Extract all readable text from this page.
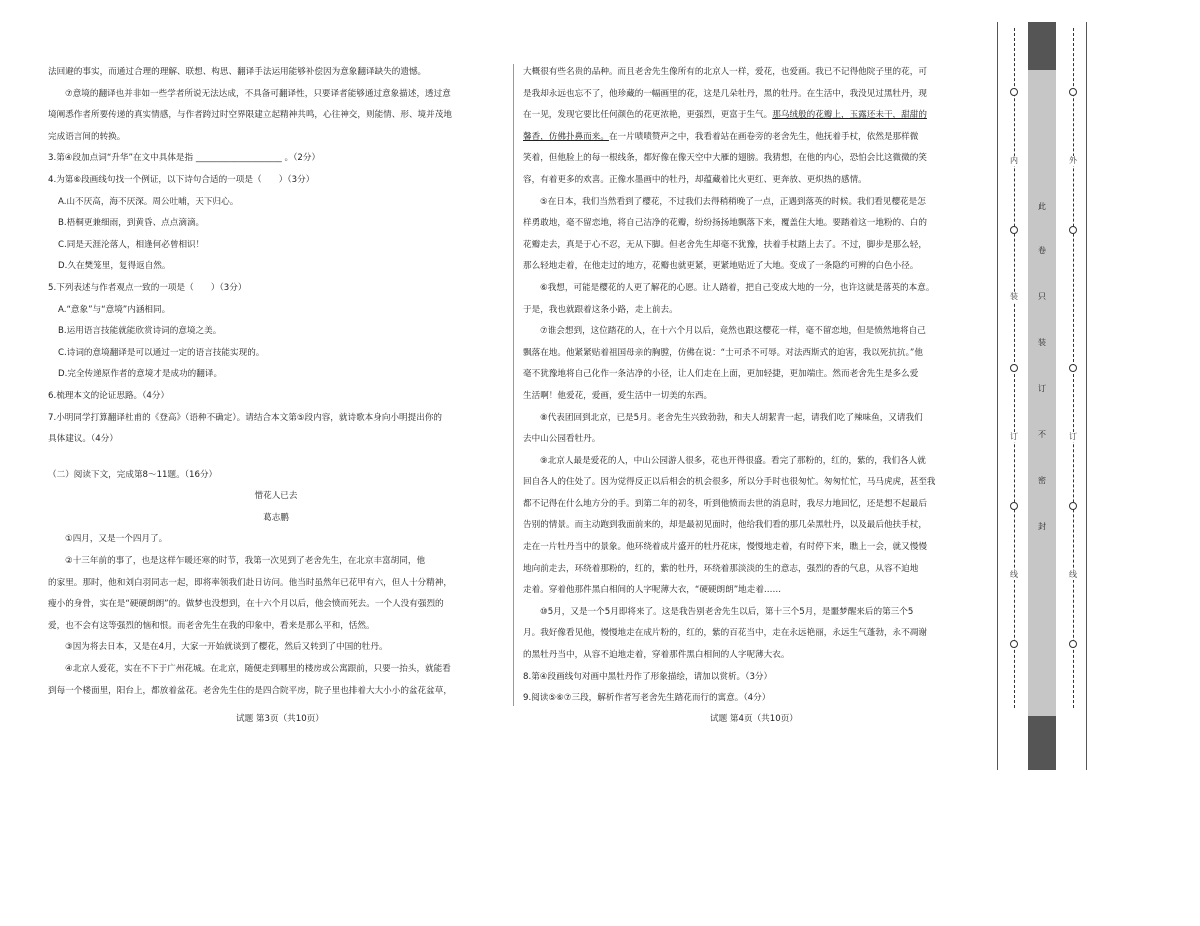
法回避的事实，而通过合理的理解、联想、构思、翻译手法运用能够补偿因为意象翻译缺失的遗憾。

⑦意境的翻译也并非如一些学者所说无法达成，不具备可翻译性，只要译者能够通过意象描述，透过意

境阐悉作者所要传递的真实情感，与作者跨过时空界限建立起精神共鸣，心往神交，则能情、形、境并茂地

完成语言间的转换。

3.第④段加点词“升华”在文中具体是指 ____________________ 。（2分）

4.为第⑥段画线句找一个例证，以下诗句合适的一项是（　　）（3分）

A.山不厌高，海不厌深。周公吐哺，天下归心。

B.梧桐更兼细雨，到黄昏、点点滴滴。

C.同是天涯沦落人，相逢何必曾相识！

D.久在樊笼里，复得返自然。

5.下列表述与作者观点一致的一项是（　　）（3分）

A.“意象”与“意境”内涵相同。

B.运用语言技能就能欣赏诗词的意境之美。

C.诗词的意境翻译是可以通过一定的语言技能实现的。

D.完全传递原作者的意境才是成功的翻译。

6.梳理本文的论证思路。（4分）

7.小明同学打算翻译杜甫的《登高》（语种不确定）。请结合本文第⑤段内容，就诗歌本身向小明提出你的

具体建议。（4分）

（二）阅读下文，完成第8～11题。（16分）

惜花人已去

葛志鹏

①四月，又是一个四月了。

②十三年前的事了，也是这样乍暖还寒的时节，我第一次见到了老舍先生，在北京丰富胡同，他

的家里。那时，他和刘白羽同志一起，即将率领我们赴日访问。他当时虽然年已花甲有六，但人十分精神，

瘦小的身骨，实在是“硬硬朗朗”的。做梦也没想到，在十六个月以后，他会愤而死去。一个人没有强烈的

爱，也不会有这等强烈的恼和恨。而老舍先生在我的印象中，看来是那么平和，恬然。

③因为将去日本，又是在4月，大家一开始就谈到了樱花，然后又转到了中国的牡丹。

④北京人爱花，实在不下于广州花城。在北京，随便走到哪里的楼房或公寓跟前，只要一抬头，就能看

到每一个楼面里，阳台上，都放着盆花。老舍先生住的是四合院平房，院子里也排着大大小小的盆花盆草，

大概很有些名贵的品种。而且老舍先生像所有的北京人一样，爱花，也爱画。我已不记得他院子里的花，可

是我却永远也忘不了，他珍藏的一幅画里的花，这是几朵牡丹，黑的牡丹。在生活中，我没见过黑牡丹，现

在一见，发现它要比任何颜色的花更浓艳，更强烈，更富于生气。那乌绒般的花瓣上，玉露还未干，甜甜的

馨香，仿佛扑鼻而来。在一片啧啧赞声之中，我看着站在画卷旁的老舍先生，他抚着手杖，依然是那样微

笑着，但他脸上的每一根线条，都好像在像天空中大雁的翅膀。我猜想，在他的内心，恐怕会比这微微的笑

容，有着更多的欢喜。正像水墨画中的牡丹，却蕴藏着比火更红、更奔放、更炽热的感情。

⑤在日本，我们当然看到了樱花，不过我们去得稍稍晚了一点，正遇到落英的时候。我们看见樱花是怎

样勇敢地，毫不留恋地，将自己洁净的花瓣，纷纷扬扬地飘落下来，覆盖住大地。要踏着这一地粉的、白的

花瓣走去，真是于心不忍，无从下脚。但老舍先生却毫不犹豫，扶着手杖踏上去了。不过，脚步是那么轻，

那么轻地走着，在他走过的地方，花瓣也就更紧，更紧地贴近了大地。变成了一条隐约可辨的白色小径。

⑥我想，可能是樱花的人更了解花的心愿。让人踏着，把自己变成大地的一分，也许这就是落英的本意。

于是，我也就跟着这条小路，走上前去。

⑦谁会想到，这位踏花的人，在十六个月以后，竟然也跟这樱花一样，毫不留恋地，但是愤然地将自己

飘落在地。他紧紧贴着祖国母亲的胸膛，仿佛在说：“士可杀不可辱。对法西斯式的迫害，我以死抗抗。”他

毫不犹豫地将自己化作一条洁净的小径，让人们走在上面，更加轻捷，更加端庄。然而老舍先生是多么爱

生活啊！他爱花，爱画，爱生活中一切美的东西。

⑧代表团回到北京，已是5月。老舍先生兴致勃勃，和夫人胡絜青一起，请我们吃了辣味鱼，又请我们

去中山公园看牡丹。

⑨北京人最是爱花的人，中山公园游人很多，花也开得很盛。看完了那粉的，红的，紫的，我们各人就

回自各人的住处了。因为觉得反正以后相会的机会很多，所以分手时也很匆忙。匆匆忙忙，马马虎虎，甚至我

都不记得在什么地方分的手。到第二年的初冬，听到他愤而去世的消息时，我尽力地回忆，还是想不起最后

告别的情景。而主动跑到我面前来的，却是最初见面时，他给我们看的那几朵黑牡丹，以及最后他扶手杖，

走在一片牡丹当中的景象。他环绕着成片盛开的牡丹花床，慢慢地走着，有时停下来，瞧上一会，就又慢慢

地向前走去，环绕着那粉的，红的，紫的牡丹，环绕着那淡淡的生的意志，强烈的香的气息，从容不迫地

走着。穿着他那件黑白相间的人字呢薄大衣，“硬硬朗朗”地走着……

⑩5月，又是一个5月即将来了。这是我告别老舍先生以后，第十三个5月，是噩梦醒来后的第三个5

月。我好像看见他，慢慢地走在成片粉的，红的，紫的百花当中，走在永远艳丽，永远生气蓬勃，永不凋谢

的黑牡丹当中，从容不迫地走着，穿着那件黑白相间的人字呢薄大衣。

8.第④段画线句对画中黑牡丹作了形象描绘，请加以赏析。（3分）

9.阅读⑤⑥⑦三段，解析作者写老舍先生踏花而行的寓意。（4分）

试题 第3页（共10页）	试题 第4页（共10页）
内
装
订
线
外
订
线
此
卷
只
装
订
不
密
封
